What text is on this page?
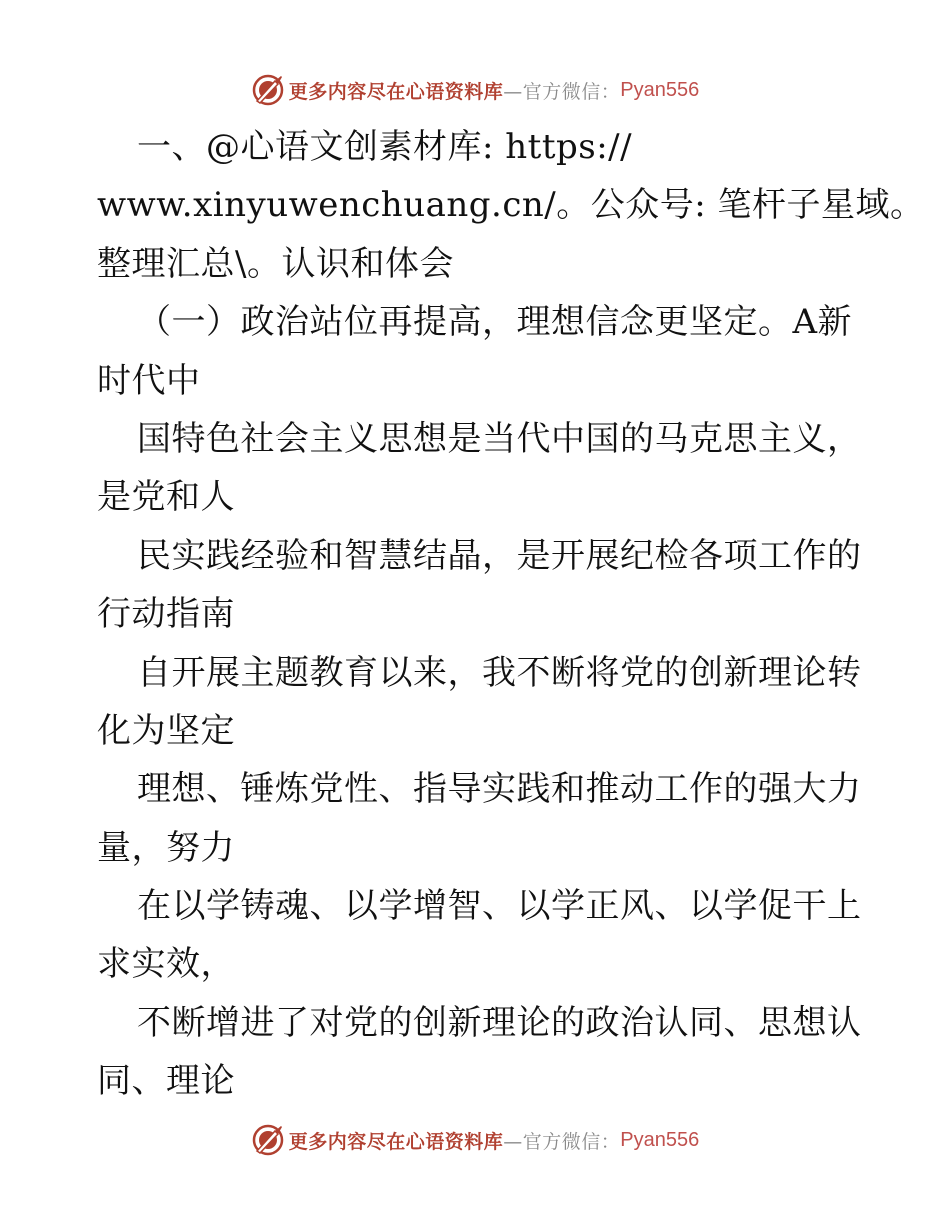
更多内容尽在心语资料库 —官方微信： Pyan556
一、@心语文创素材库: https://
www.xinyuwenchuang.cn/。公众号: 笔杆子星域。
整理汇总\。认识和体会
（一）政治站位再提高，理想信念更坚定。A新
时代中
国特色社会主义思想是当代中国的马克思主义，
是党和人
民实践经验和智慧结晶，是开展纪检各项工作的
行动指南
自开展主题教育以来，我不断将党的创新理论转
化为坚定
理想、锤炼党性、指导实践和推动工作的强大力
量，努力
在以学铸魂、以学增智、以学正风、以学促干上
求实效，
不断增进了对党的创新理论的政治认同、思想认
同、理论
更多内容尽在心语资料库 —官方微信： Pyan556
